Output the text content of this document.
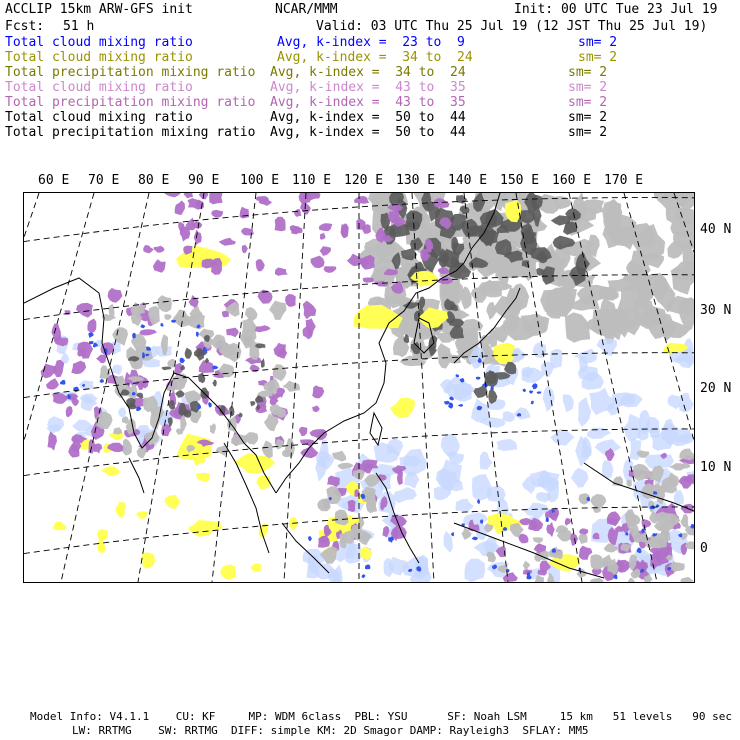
ACCLIP 15km ARW-GFS init	NCAR/MMM	Init: 00 UTC Tue 23 Jul 19
Fcst: 51 h	Valid: 03 UTC Thu 25 Jul 19 (12 JST Thu 25 Jul 19)
Total cloud mixing ratio	Avg, k-index =  23 to  9	sm= 2
Total cloud mixing ratio	Avg, k-index =  34 to  24	sm= 2
Total precipitation mixing ratio Avg, k-index =  34 to  24	sm= 2
Total cloud mixing ratio	Avg, k-index =  43 to  35	sm= 2
Total precipitation mixing ratio Avg, k-index =  43 to  35	sm= 2
Total cloud mixing ratio	Avg, k-index =  50 to  44	sm= 2
Total precipitation mixing ratio Avg, k-index =  50 to  44	sm= 2
60 E 70 E 80 E 90 E 100 E 110 E 120 E 130 E 140 E 150 E 160 E 170 E
40 N
30 N
20 N
10 N
0
Model Info: V4.1.1    CU: KF     MP: WDM 6class  PBL: YSU      SF: Noah LSM     15 km   51 levels   90 sec
LW: RRTMG    SW: RRTMG  DIFF: simple KM: 2D Smagor DAMP: Rayleigh3  SFLAY: MM5
